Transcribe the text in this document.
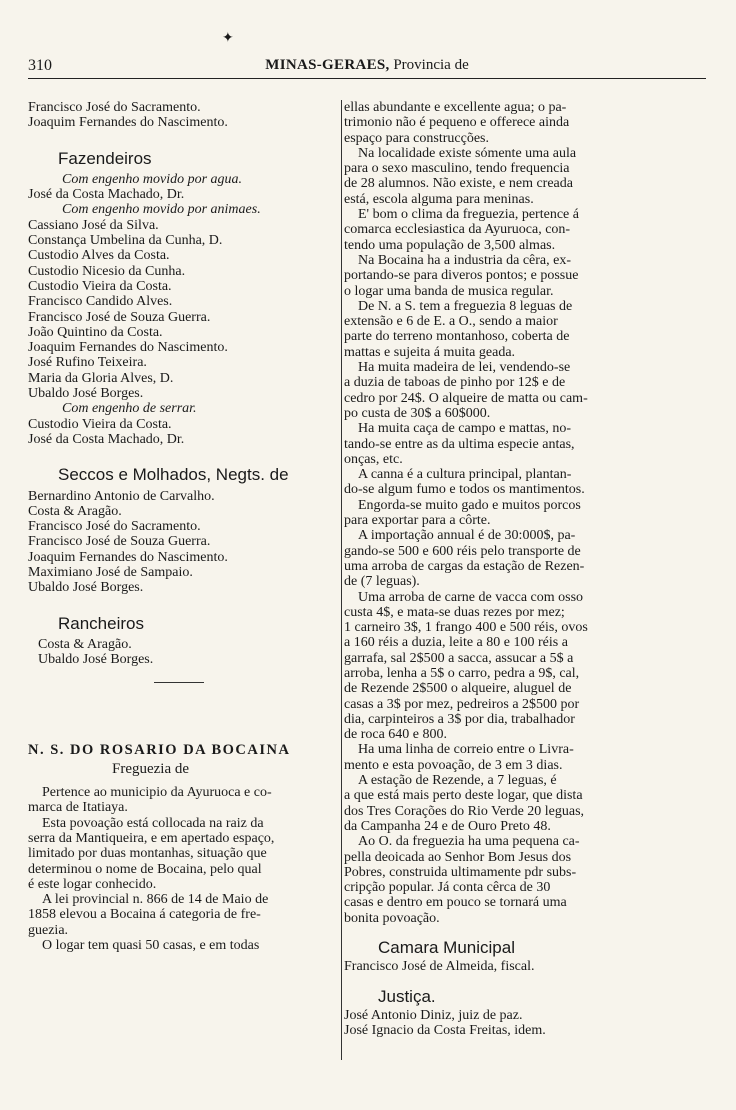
✦
310	MINAS-GERAES, Provincia de
Francisco José do Sacramento.
Joaquim Fernandes do Nascimento.
Fazendeiros
Com engenho movido por agua.
José da Costa Machado, Dr.
Com engenho movido por animaes.
Cassiano José da Silva.
Constança Umbelina da Cunha, D.
Custodio Alves da Costa.
Custodio Nicesio da Cunha.
Custodio Vieira da Costa.
Francisco Candido Alves.
Francisco José de Souza Guerra.
João Quintino da Costa.
Joaquim Fernandes do Nascimento.
José Rufino Teixeira.
Maria da Gloria Alves, D.
Ubaldo José Borges.
Com engenho de serrar.
Custodio Vieira da Costa.
José da Costa Machado, Dr.
Seccos e Molhados, Negts. de
Bernardino Antonio de Carvalho.
Costa & Aragão.
Francisco José do Sacramento.
Francisco José de Souza Guerra.
Joaquim Fernandes do Nascimento.
Maximiano José de Sampaio.
Ubaldo José Borges.
Rancheiros
Costa & Aragão.
Ubaldo José Borges.
N. S. DO ROSARIO DA BOCAINA
Freguezia de
 Pertence ao municipio da Ayuruoca e co-
marca de Itatiaya.
 Esta povoação está collocada na raiz da
serra da Mantiqueira, e em apertado espaço,
limitado por duas montanhas, situação que
determinou o nome de Bocaina, pelo qual
é este logar conhecido.
 A lei provincial n. 866 de 14 de Maio de
1858 elevou a Bocaina á categoria de fre-
guezia.
 O logar tem quasi 50 casas, e em todas
ellas abundante e excellente agua; o pa-
trimonio não é pequeno e offerece ainda
espaço para construcções.
 Na localidade existe sómente uma aula
para o sexo masculino, tendo frequencia
de 28 alumnos. Não existe, e nem creada
está, escola alguma para meninas.
 E' bom o clima da freguezia, pertence á
comarca ecclesiastica da Ayuruoca, con-
tendo uma população de 3,500 almas.
 Na Bocaina ha a industria da cêra, ex-
portando-se para diveros pontos; e possue
o logar uma banda de musica regular.
 De N. a S. tem a freguezia 8 leguas de
extensão e 6 de E. a O., sendo a maior
parte do terreno montanhoso, coberta de
mattas e sujeita á muita geada.
 Ha muita madeira de lei, vendendo-se
a duzia de taboas de pinho por 12$ e de
cedro por 24$. O alqueire de matta ou cam-
po custa de 30$ a 60$000.
 Ha muita caça de campo e mattas, no-
tando-se entre as da ultima especie antas,
onças, etc.
 A canna é a cultura principal, plantan-
do-se algum fumo e todos os mantimentos.
 Engorda-se muito gado e muitos porcos
para exportar para a côrte.
 A importação annual é de 30:000$, pa-
gando-se 500 e 600 réis pelo transporte de
uma arroba de cargas da estação de Rezen-
de (7 leguas).
 Uma arroba de carne de vacca com osso
custa 4$, e mata-se duas rezes por mez;
1 carneiro 3$, 1 frango 400 e 500 réis, ovos
a 160 réis a duzia, leite a 80 e 100 réis a
garrafa, sal 2$500 a sacca, assucar a 5$ a
arroba, lenha a 5$ o carro, pedra a 9$, cal,
de Rezende 2$500 o alqueire, aluguel de
casas a 3$ por mez, pedreiros a 2$500 por
dia, carpinteiros a 3$ por dia, trabalhador
de roca 640 e 800.
 Ha uma linha de correio entre o Livra-
mento e esta povoação, de 3 em 3 dias.
 A estação de Rezende, a 7 leguas, é
a que está mais perto deste logar, que dista
dos Tres Corações do Rio Verde 20 leguas,
da Campanha 24 e de Ouro Preto 48.
 Ao O. da freguezia ha uma pequena ca-
pella deoicada ao Senhor Bom Jesus dos
Pobres, construida ultimamente pdr subs-
cripção popular. Já conta cêrca de 30
casas e dentro em pouco se tornará uma
bonita povoação.
Camara Municipal
Francisco José de Almeida, fiscal.
Justiça.
José Antonio Diniz, juiz de paz.
José Ignacio da Costa Freitas, idem.
